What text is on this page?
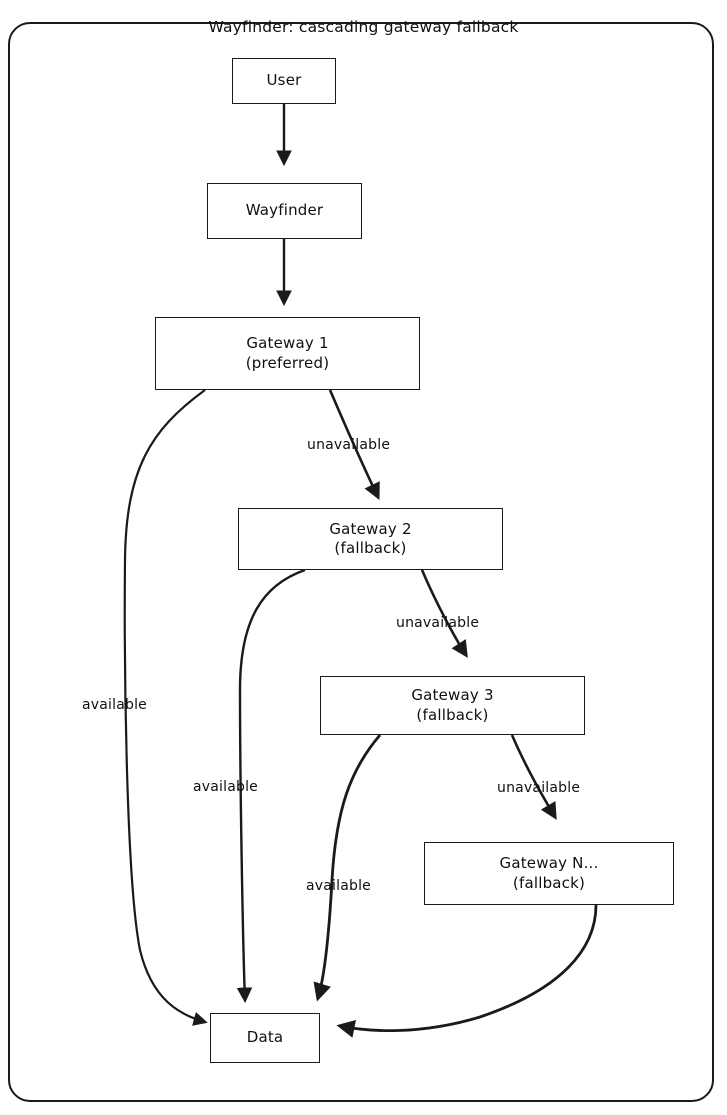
Wayfinder: cascading gateway fallback
User
Wayfinder
Gateway 1
(preferred)
Gateway 2
(fallback)
Gateway 3
(fallback)
Gateway N...
(fallback)
Data
unavailable
unavailable
unavailable
available
available
available
